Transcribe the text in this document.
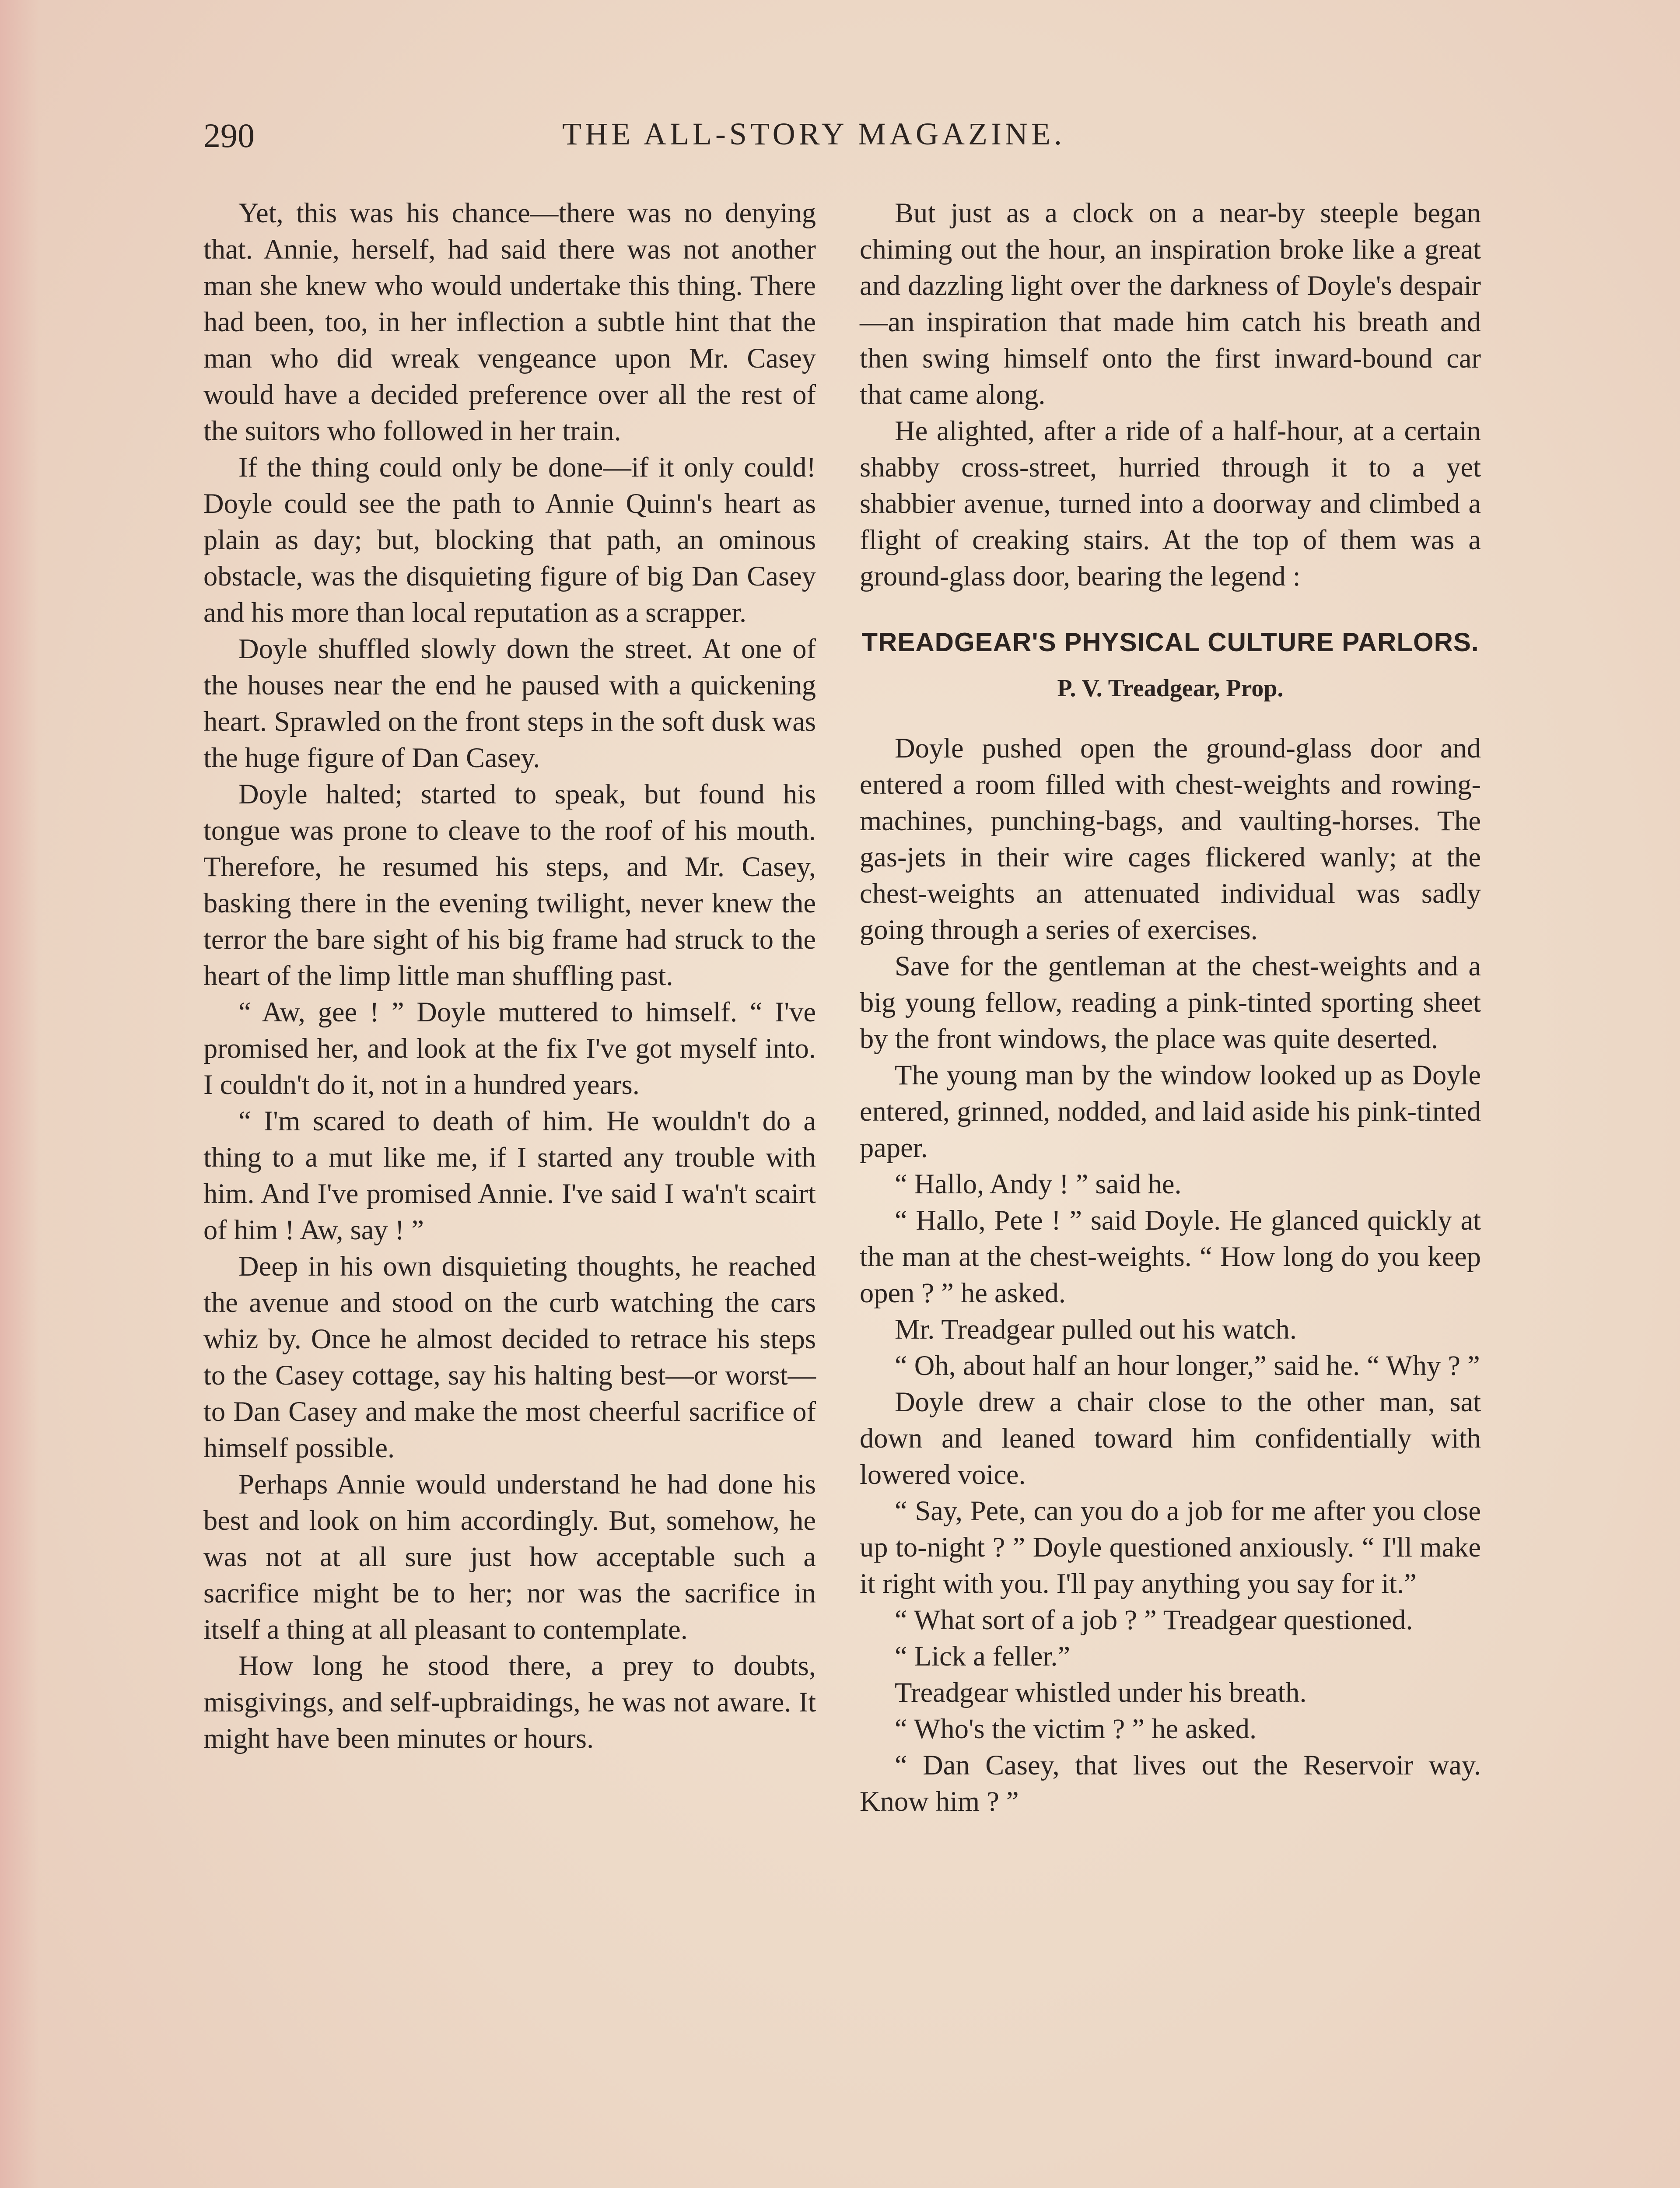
290	THE ALL-STORY MAGAZINE.

Yet, this was his chance—there was no denying that. Annie, herself, had said there was not another man she knew who would undertake this thing. There had been, too, in her inflection a subtle hint that the man who did wreak vengeance upon Mr. Casey would have a decided preference over all the rest of the suitors who followed in her train.

If the thing could only be done—if it only could! Doyle could see the path to Annie Quinn's heart as plain as day; but, blocking that path, an ominous obstacle, was the disquieting figure of big Dan Casey and his more than local reputation as a scrapper.

Doyle shuffled slowly down the street. At one of the houses near the end he paused with a quickening heart. Sprawled on the front steps in the soft dusk was the huge figure of Dan Casey.

Doyle halted; started to speak, but found his tongue was prone to cleave to the roof of his mouth. Therefore, he resumed his steps, and Mr. Casey, basking there in the evening twilight, never knew the terror the bare sight of his big frame had struck to the heart of the limp little man shuffling past.

“ Aw, gee ! ” Doyle muttered to himself. “ I've promised her, and look at the fix I've got myself into. I couldn't do it, not in a hundred years.

“ I'm scared to death of him. He wouldn't do a thing to a mut like me, if I started any trouble with him. And I've promised Annie. I've said I wa'n't scairt of him ! Aw, say ! ”

Deep in his own disquieting thoughts, he reached the avenue and stood on the curb watching the cars whiz by. Once he almost decided to retrace his steps to the Casey cottage, say his halting best—or worst—to Dan Casey and make the most cheerful sacrifice of himself possible.

Perhaps Annie would understand he had done his best and look on him accordingly. But, somehow, he was not at all sure just how acceptable such a sacrifice might be to her; nor was the sacrifice in itself a thing at all pleasant to contemplate.

How long he stood there, a prey to doubts, misgivings, and self-upbraidings, he was not aware. It might have been minutes or hours.

But just as a clock on a near-by steeple began chiming out the hour, an inspiration broke like a great and dazzling light over the darkness of Doyle's despair—an inspiration that made him catch his breath and then swing himself onto the first inward-bound car that came along.

He alighted, after a ride of a half-hour, at a certain shabby cross-street, hurried through it to a yet shabbier avenue, turned into a doorway and climbed a flight of creaking stairs. At the top of them was a ground-glass door, bearing the legend :

TREADGEAR'S PHYSICAL CULTURE PARLORS.

P. V. Treadgear, Prop.

Doyle pushed open the ground-glass door and entered a room filled with chest-weights and rowing-machines, punching-bags, and vaulting-horses. The gas-jets in their wire cages flickered wanly; at the chest-weights an attenuated individual was sadly going through a series of exercises.

Save for the gentleman at the chest-weights and a big young fellow, reading a pink-tinted sporting sheet by the front windows, the place was quite deserted.

The young man by the window looked up as Doyle entered, grinned, nodded, and laid aside his pink-tinted paper.

“ Hallo, Andy ! ” said he.

“ Hallo, Pete ! ” said Doyle. He glanced quickly at the man at the chest-weights. “ How long do you keep open ? ” he asked.

Mr. Treadgear pulled out his watch.

“ Oh, about half an hour longer,” said he. “ Why ? ”

Doyle drew a chair close to the other man, sat down and leaned toward him confidentially with lowered voice.

“ Say, Pete, can you do a job for me after you close up to-night ? ” Doyle questioned anxiously. “ I'll make it right with you. I'll pay anything you say for it.”

“ What sort of a job ? ” Treadgear questioned.

“ Lick a feller.”

Treadgear whistled under his breath.

“ Who's the victim ? ” he asked.

“ Dan Casey, that lives out the Reservoir way. Know him ? ”
